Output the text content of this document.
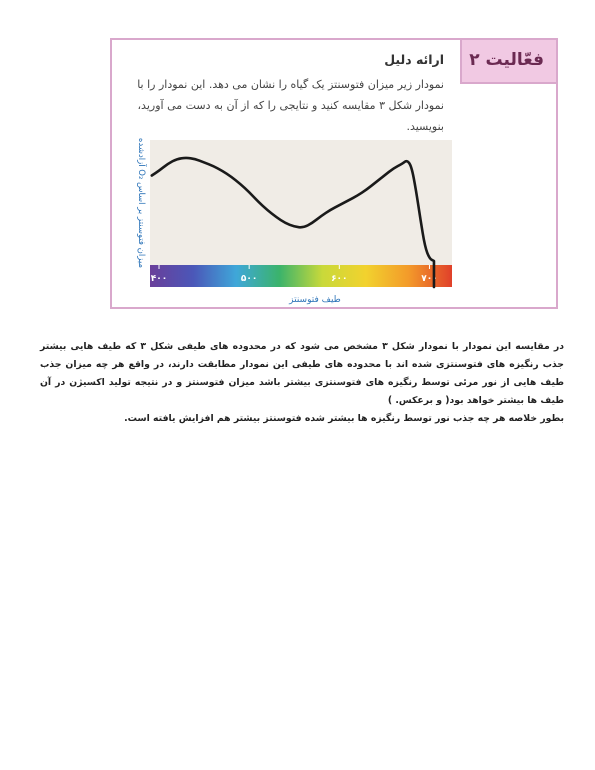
فعّالیت ۲
ارائه دلیل
نمودار زیر میزان فتوسنتز یک گیاه را نشان می دهد. این نمودار را با نمودار شکل ۳ مقایسه کنید و نتایجی را که از آن به دست می آورید، بنویسید.
۴۰۰	۵۰۰	۶۰۰	۷۰۰
میزان فتوسنتز بر اساس O₂ آزادشده
طیف فتوسنتز

در مقایسه این نمودار با نمودار شکل ۳ مشخص می شود که در محدوده های طیفی شکل ۳ که طیف هایی بیشتر جذب رنگیزه های فتوسنتزی شده اند با محدوده های طیفی این نمودار مطابقت دارند، در واقع هر چه میزان جذب طیف هایی از نور مرئی توسط رنگیزه های فتوسنتزی بیشتر باشد میزان فتوسنتز و در نتیجه تولید اکسیژن در آن طیف ها بیشتر خواهد بود( و برعکس. )

بطور خلاصه هر چه جذب نور توسط رنگیزه ها بیشتر شده فتوسنتز بیشتر هم افزایش یافته است.
